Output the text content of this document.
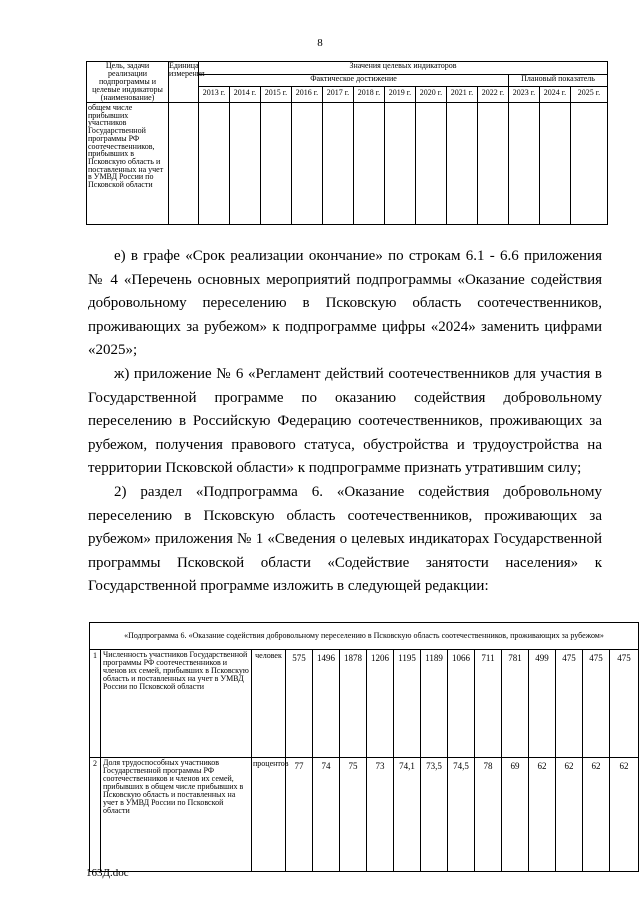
8
Цель, задачи реализации подпрограммы и целевые индикаторы (наименование)	Единица измерения	Значения целевых индикаторов												
		Фактическое достижение										Плановый показатель		
		2013 г.	2014 г.	2015 г.	2016 г.	2017 г.	2018 г.	2019 г.	2020 г.	2021 г.	2022 г.	2023 г.	2024 г.	2025 г.
общем числе прибывших участников Государственной программы РФ соотечественников, прибывших в Псковскую область и поставленных на учет в УМВД России по Псковской области														

е) в графе «Срок реализации окончание» по строкам 6.1 - 6.6 приложения № 4 «Перечень основных мероприятий подпрограммы «Оказание содействия добровольному переселению в Псковскую область соотечественников, проживающих за рубежом» к подпрограмме цифры «2024» заменить цифрами «2025»;

ж) приложение № 6 «Регламент действий соотечественников для участия в Государственной программе по оказанию содействия добровольному переселению в Российскую Федерацию соотечественников, проживающих за рубежом, получения правового статуса, обустройства и трудоустройства на территории Псковской области» к подпрограмме признать утратившим силу;

2) раздел «Подпрограмма 6. «Оказание содействия добровольному переселению в Псковскую область соотечественников, проживающих за рубежом» приложения № 1 «Сведения о целевых индикаторах Государственной программы Псковской области «Содействие занятости населения» к Государственной программе изложить в следующей редакции:

«Подпрограмма 6. «Оказание содействия добровольному переселению в Псковскую область соотечественников, проживающих за рубежом»															
1	Численность участников Государственной программы РФ соотечественников и членов их семей, прибывших в Псковскую область и поставленных на учет в УМВД России по Псковской области	человек	575	1496	1878	1206	1195	1189	1066	711	781	499	475	475	475
2	Доля трудоспособных участников Государственной программы РФ соотечественников и членов их семей, прибывших в общем числе прибывших в Псковскую область и поставленных на учет в УМВД России по Псковской области	процентов	77	74	75	73	74,1	73,5	74,5	78	69	62	62	62	62
163Д.doc
